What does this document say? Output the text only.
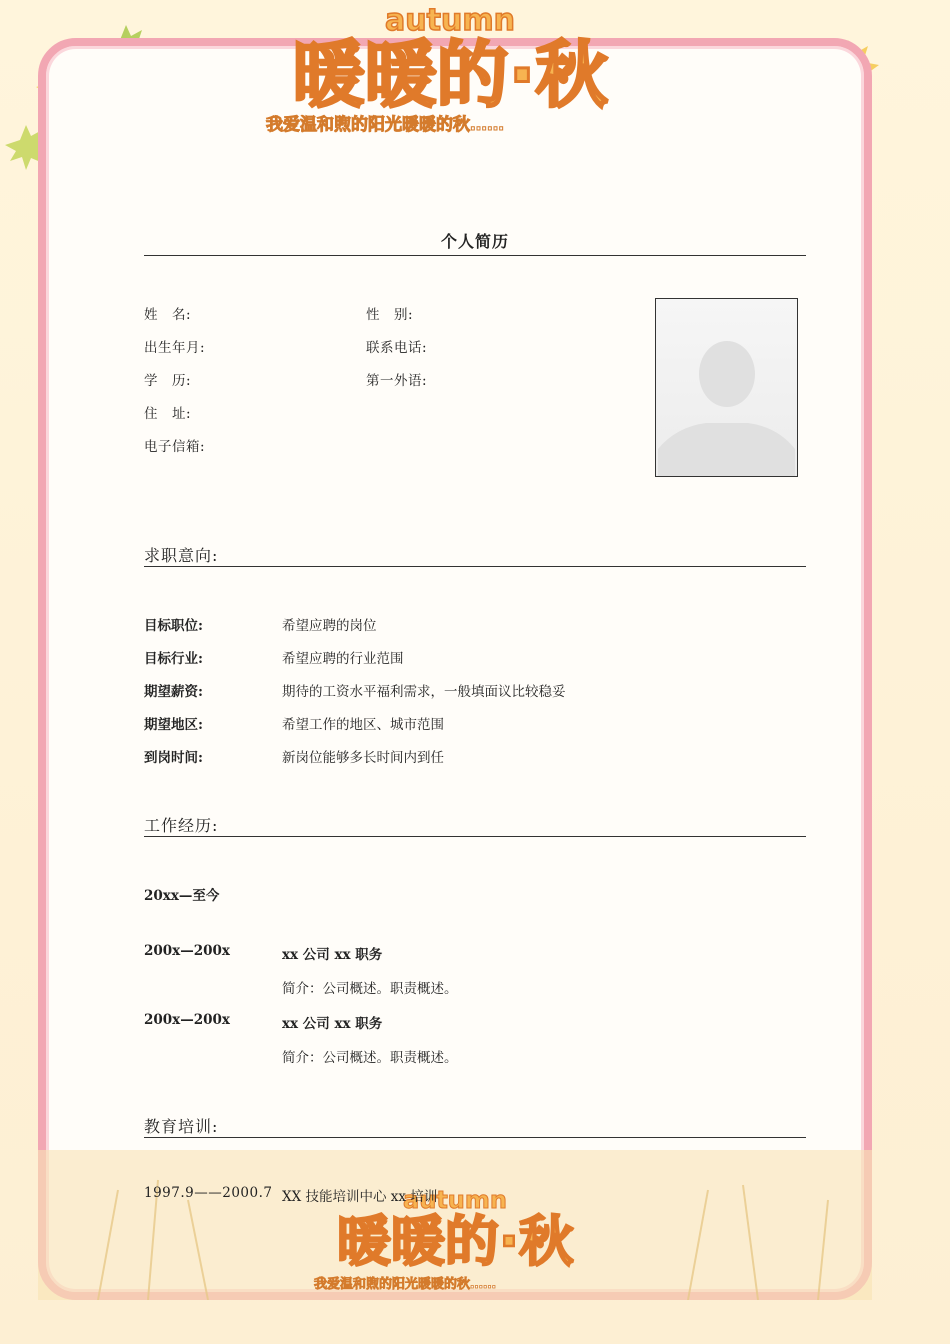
autumn
暖暖的·秋
我爱温和煦的阳光暖暖的秋……
autumn
暖暖的·秋
我爱温和煦的阳光暖暖的秋……
个人简历
姓　名:	性　别:
出生年月:	联系电话:
学　历:	第一外语:
住　址:
电子信箱:
求职意向:
目标职位:	希望应聘的岗位
目标行业:	希望应聘的行业范围
期望薪资:	期待的工资水平福利需求，一般填面议比较稳妥
期望地区:	希望工作的地区、城市范围
到岗时间:	新岗位能够多长时间内到任
工作经历:
20xx—至今
200x—200x	xx 公司 xx 职务
简介：公司概述。职责概述。
200x—200x	xx 公司 xx 职务
简介：公司概述。职责概述。
教育培训:
1997.9——2000.7 XX 技能培训中心 xx 培训
